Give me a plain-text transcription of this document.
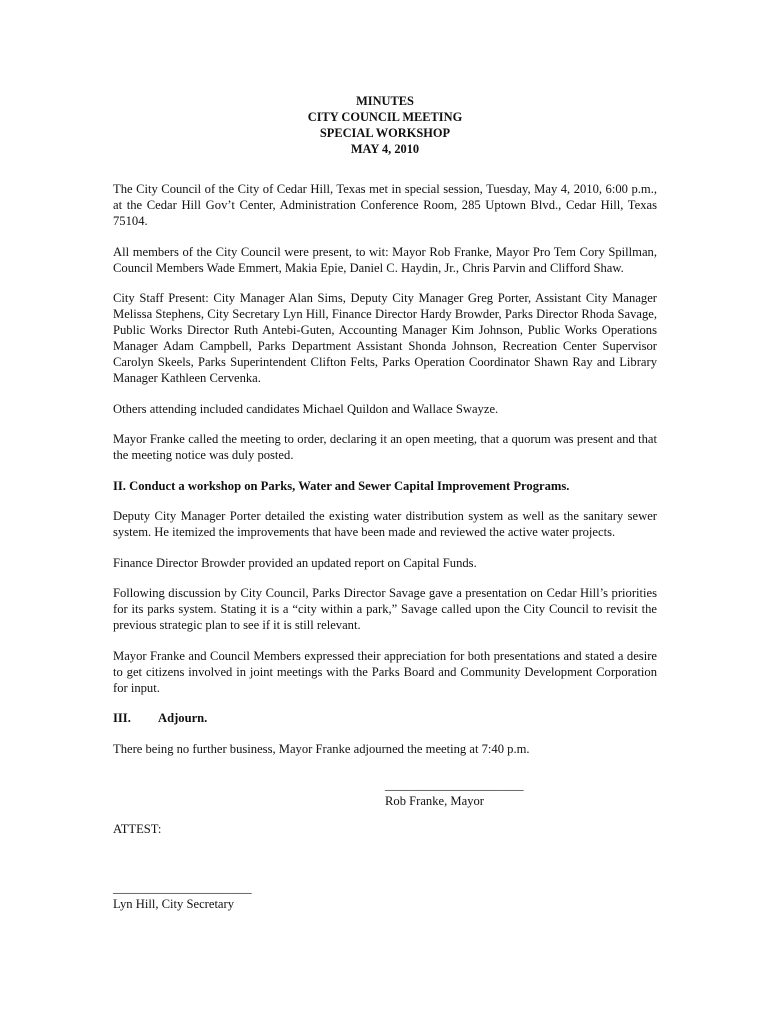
MINUTES
CITY COUNCIL MEETING
SPECIAL WORKSHOP
MAY 4, 2010

The City Council of the City of Cedar Hill, Texas met in special session, Tuesday, May 4, 2010, 6:00 p.m., at the Cedar Hill Gov’t Center, Administration Conference Room, 285 Uptown Blvd., Cedar Hill, Texas 75104.

All members of the City Council were present, to wit: Mayor Rob Franke, Mayor Pro Tem Cory Spillman, Council Members Wade Emmert, Makia Epie, Daniel C. Haydin, Jr., Chris Parvin and Clifford Shaw.

City Staff Present: City Manager Alan Sims, Deputy City Manager Greg Porter, Assistant City Manager Melissa Stephens, City Secretary Lyn Hill, Finance Director Hardy Browder, Parks Director Rhoda Savage, Public Works Director Ruth Antebi-Guten, Accounting Manager Kim Johnson, Public Works Operations Manager Adam Campbell, Parks Department Assistant Shonda Johnson, Recreation Center Supervisor Carolyn Skeels, Parks Superintendent Clifton Felts, Parks Operation Coordinator Shawn Ray and Library Manager Kathleen Cervenka.

Others attending included candidates Michael Quildon and Wallace Swayze.

Mayor Franke called the meeting to order, declaring it an open meeting, that a quorum was present and that the meeting notice was duly posted.

II. Conduct a workshop on Parks, Water and Sewer Capital Improvement Programs.

Deputy City Manager Porter detailed the existing water distribution system as well as the sanitary sewer system. He itemized the improvements that have been made and reviewed the active water projects.

Finance Director Browder provided an updated report on Capital Funds.

Following discussion by City Council, Parks Director Savage gave a presentation on Cedar Hill’s priorities for its parks system. Stating it is a “city within a park,” Savage called upon the City Council to revisit the previous strategic plan to see if it is still relevant.

Mayor Franke and Council Members expressed their appreciation for both presentations and stated a desire to get citizens involved in joint meetings with the Parks Board and Community Development Corporation for input.

III. Adjourn.

There being no further business, Mayor Franke adjourned the meeting at 7:40 p.m.

______________________
Rob Franke, Mayor
ATTEST:
______________________
Lyn Hill, City Secretary
